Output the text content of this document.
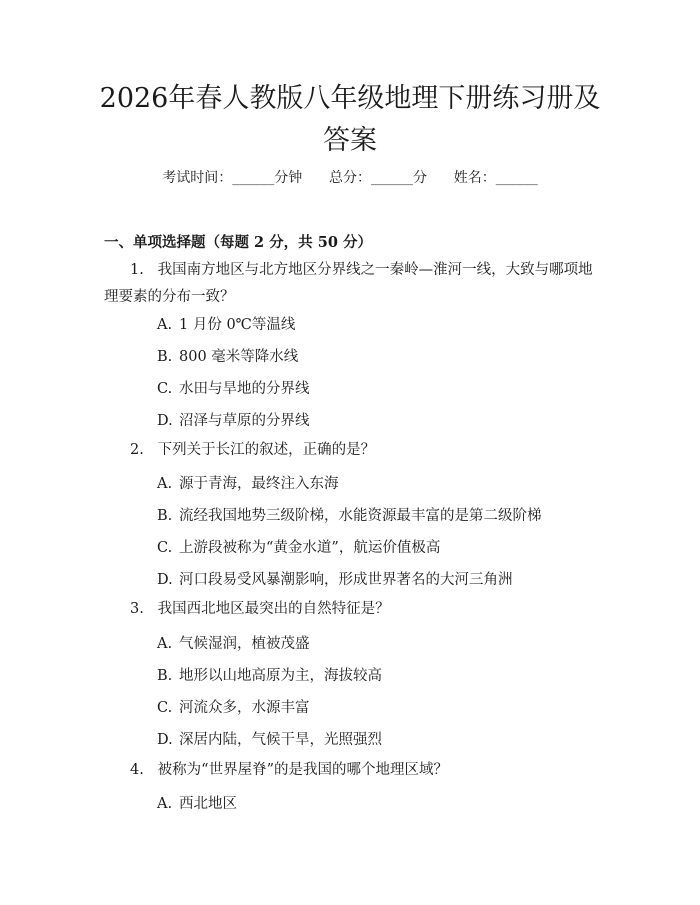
2026年春人教版八年级地理下册练习册及答案
考试时间：______分钟      总分：______分      姓名：______
一、单项选择题（每题 2 分，共 50 分）
1. 我国南方地区与北方地区分界线之一秦岭—淮河一线，大致与哪项地理要素的分布一致？
A. 1 月份 0℃等温线
B. 800 毫米等降水线
C. 水田与旱地的分界线
D. 沼泽与草原的分界线
2. 下列关于长江的叙述，正确的是？
A. 源于青海，最终注入东海
B. 流经我国地势三级阶梯，水能资源最丰富的是第二级阶梯
C. 上游段被称为“黄金水道”，航运价值极高
D. 河口段易受风暴潮影响，形成世界著名的大河三角洲
3. 我国西北地区最突出的自然特征是？
A. 气候湿润，植被茂盛
B. 地形以山地高原为主，海拔较高
C. 河流众多，水源丰富
D. 深居内陆，气候干旱，光照强烈
4. 被称为“世界屋脊”的是我国的哪个地理区域？
A. 西北地区
